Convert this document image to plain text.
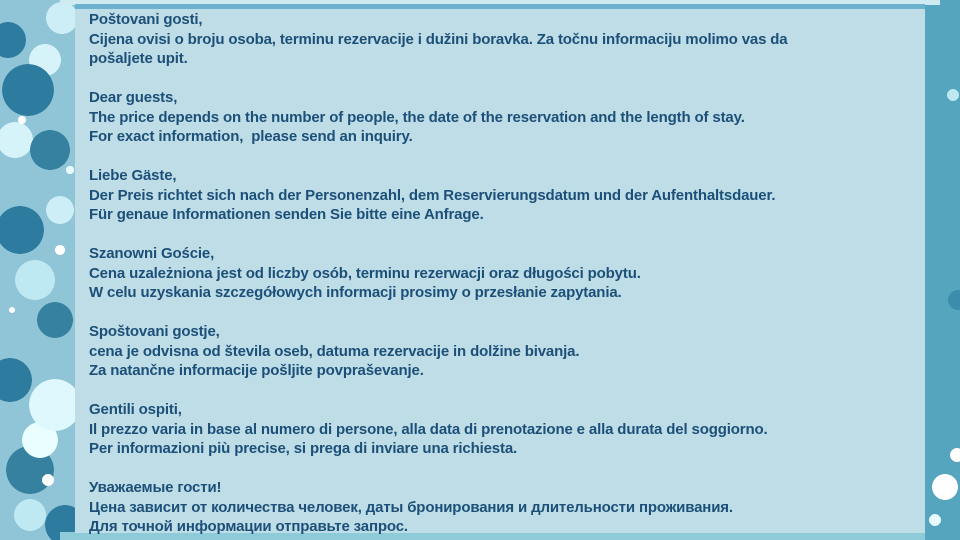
Poštovani gosti,
Cijena ovisi o broju osoba, terminu rezervacije i dužini boravka. Za točnu informaciju molimo vas da
pošaljete upit.
Dear guests,
The price depends on the number of people, the date of the reservation and the length of stay.
For exact information,  please send an inquiry.
Liebe Gäste,
Der Preis richtet sich nach der Personenzahl, dem Reservierungsdatum und der Aufenthaltsdauer.
Für genaue Informationen senden Sie bitte eine Anfrage.
Szanowni Goście,
Cena uzależniona jest od liczby osób, terminu rezerwacji oraz długości pobytu.
W celu uzyskania szczegółowych informacji prosimy o przesłanie zapytania.
Spoštovani gostje,
cena je odvisna od števila oseb, datuma rezervacije in dolžine bivanja.
Za natančne informacije pošljite povpraševanje.
Gentili ospiti,
Il prezzo varia in base al numero di persone, alla data di prenotazione e alla durata del soggiorno.
Per informazioni più precise, si prega di inviare una richiesta.
Уважаемые гости!
Цена зависит от количества человек, даты бронирования и длительности проживания.
Для точной информации отправьте запрос.
